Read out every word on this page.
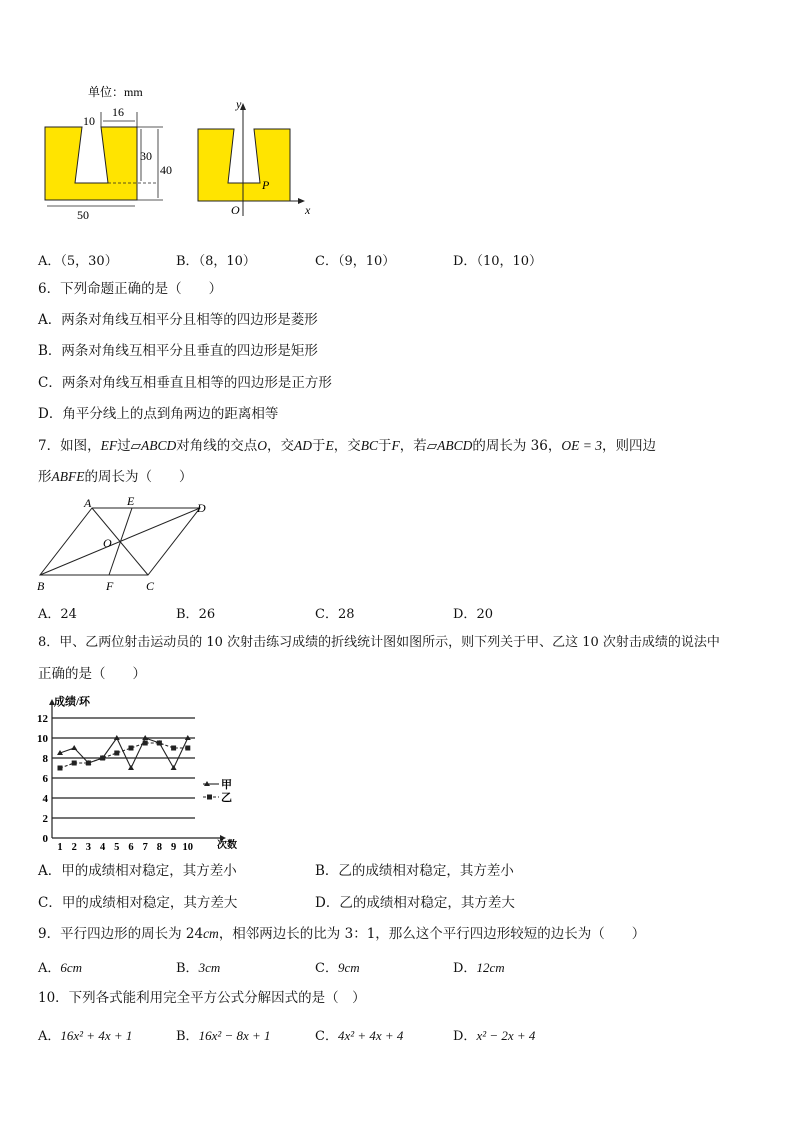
单位：mm
10
16
30
40
50
y
x
O
P
A．（5，30）	B．（8，10）	C．（9，10）	D．（10，10）
6．下列命题正确的是（　　）
A．两条对角线互相平分且相等的四边形是菱形
B．两条对角线互相平分且垂直的四边形是矩形
C．两条对角线互相垂直且相等的四边形是正方形
D．角平分线上的点到角两边的距离相等
7．如图，EF过▱ABCD对角线的交点O，交AD于E，交BC于F，若▱ABCD的周长为 36，OE = 3，则四边
形ABFE的周长为（　　）
A	E	D
O
B	F	C
A．24	B．26	C．28	D．20
8．甲、乙两位射击运动员的 10 次射击练习成绩的折线统计图如图所示，则下列关于甲、乙这 10 次射击成绩的说法中
正确的是（　　）
0
2
4
6
8
10
12
成绩/环
次数
1 2 3 4 5 6 7 8 9 10
甲
乙
A．甲的成绩相对稳定，其方差小	B．乙的成绩相对稳定，其方差小
C．甲的成绩相对稳定，其方差大	D．乙的成绩相对稳定，其方差大
9．平行四边形的周长为 24cm，相邻两边长的比为 3：1，那么这个平行四边形较短的边长为（　　）
A．6cm	B．3cm	C．9cm	D．12cm
10．下列各式能利用完全平方公式分解因式的是（　）
A．16x² + 4x + 1	B．16x² − 8x + 1	C．4x² + 4x + 4	D．x² − 2x + 4
